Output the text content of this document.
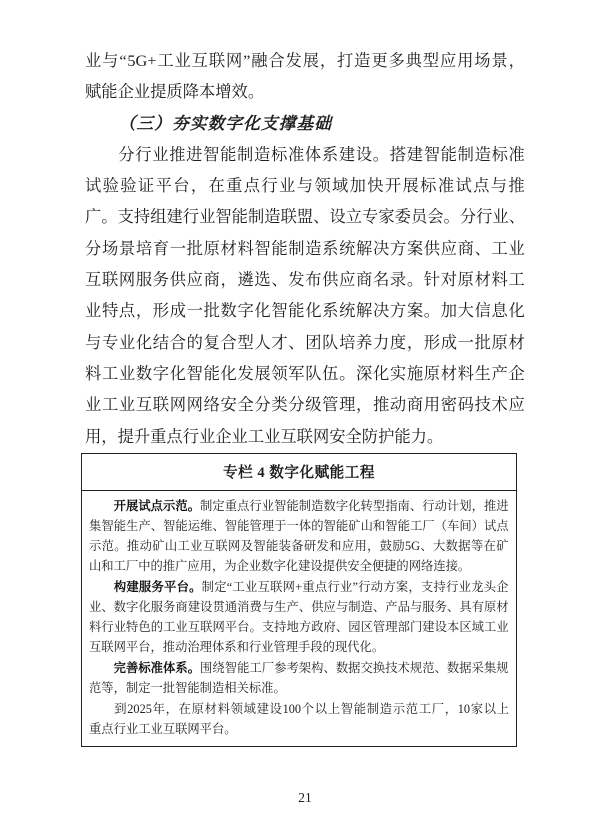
业 与 “ 5G+ 工 业 互 联 网 ” 融 合 发 展 ， 打 造 更 多 典 型 应 用 场 景 ，
赋能企业提质降本增效。
（三）夯实数字化支撑基础
分 行 业 推 进 智 能 制 造 标 准 体 系 建 设 。 搭 建 智 能 制 造 标 准
试 验 验 证 平 台 ， 在 重 点 行 业 与 领 域 加 快 开 展 标 准 试 点 与 推
广 。 支 持 组 建 行 业 智 能 制 造 联 盟 、 设 立 专 家 委 员 会 。 分 行 业 、
分 场 景 培 育 一 批 原 材 料 智 能 制 造 系 统 解 决 方 案 供 应 商 、 工 业
互 联 网 服 务 供 应 商 ， 遴 选 、 发 布 供 应 商 名 录 。 针 对 原 材 料 工
业 特 点 ， 形 成 一 批 数 字 化 智 能 化 系 统 解 决 方 案 。 加 大 信 息 化
与 专 业 化 结 合 的 复 合 型 人 才 、 团 队 培 养 力 度 ， 形 成 一 批 原 材
料 工 业 数 字 化 智 能 化 发 展 领 军 队 伍 。 深 化 实 施 原 材 料 生 产 企
业 工 业 互 联 网 网 络 安 全 分 类 分 级 管 理 ， 推 动 商 用 密 码 技 术 应
用，提升重点行业企业工业互联网安全防护能力。
专栏 4 数字化赋能工程
开 展 试 点 示 范 。 制 定 重 点 行 业 智 能 制 造 数 字 化 转 型 指 南 、 行 动 计 划 ， 推 进
集 智 能 生 产 、 智 能 运 维 、 智 能 管 理 于 一 体 的 智 能 矿 山 和 智 能 工 厂 （ 车 间 ） 试 点
示 范 。 推 动 矿 山 工 业 互 联 网 及 智 能 装 备 研 发 和 应 用 ， 鼓 励 5G 、 大 数 据 等 在 矿
山和工厂中的推广应用，为企业数字化建设提供安全便捷的网络连接。
构 建 服 务 平 台 。 制 定 “ 工 业 互 联 网 + 重 点 行 业 ” 行 动 方 案 ， 支 持 行 业 龙 头 企
业 、 数 字 化 服 务 商 建 设 贯 通 消 费 与 生 产 、 供 应 与 制 造 、 产 品 与 服 务 、 具 有 原 材
料 行 业 特 色 的 工 业 互 联 网 平 台 。 支 持 地 方 政 府 、 园 区 管 理 部 门 建 设 本 区 域 工 业
互联网平台，推动治理体系和行业管理手段的现代化。
完 善 标 准 体 系 。 围 绕 智 能 工 厂 参 考 架 构 、 数 据 交 换 技 术 规 范 、 数 据 采 集 规
范等，制定一批智能制造相关标准。
到 2025 年 ， 在 原 材 料 领 域 建 设 100 个 以 上 智 能 制 造 示 范 工 厂 ， 10 家 以 上
重点行业工业互联网平台。
21
